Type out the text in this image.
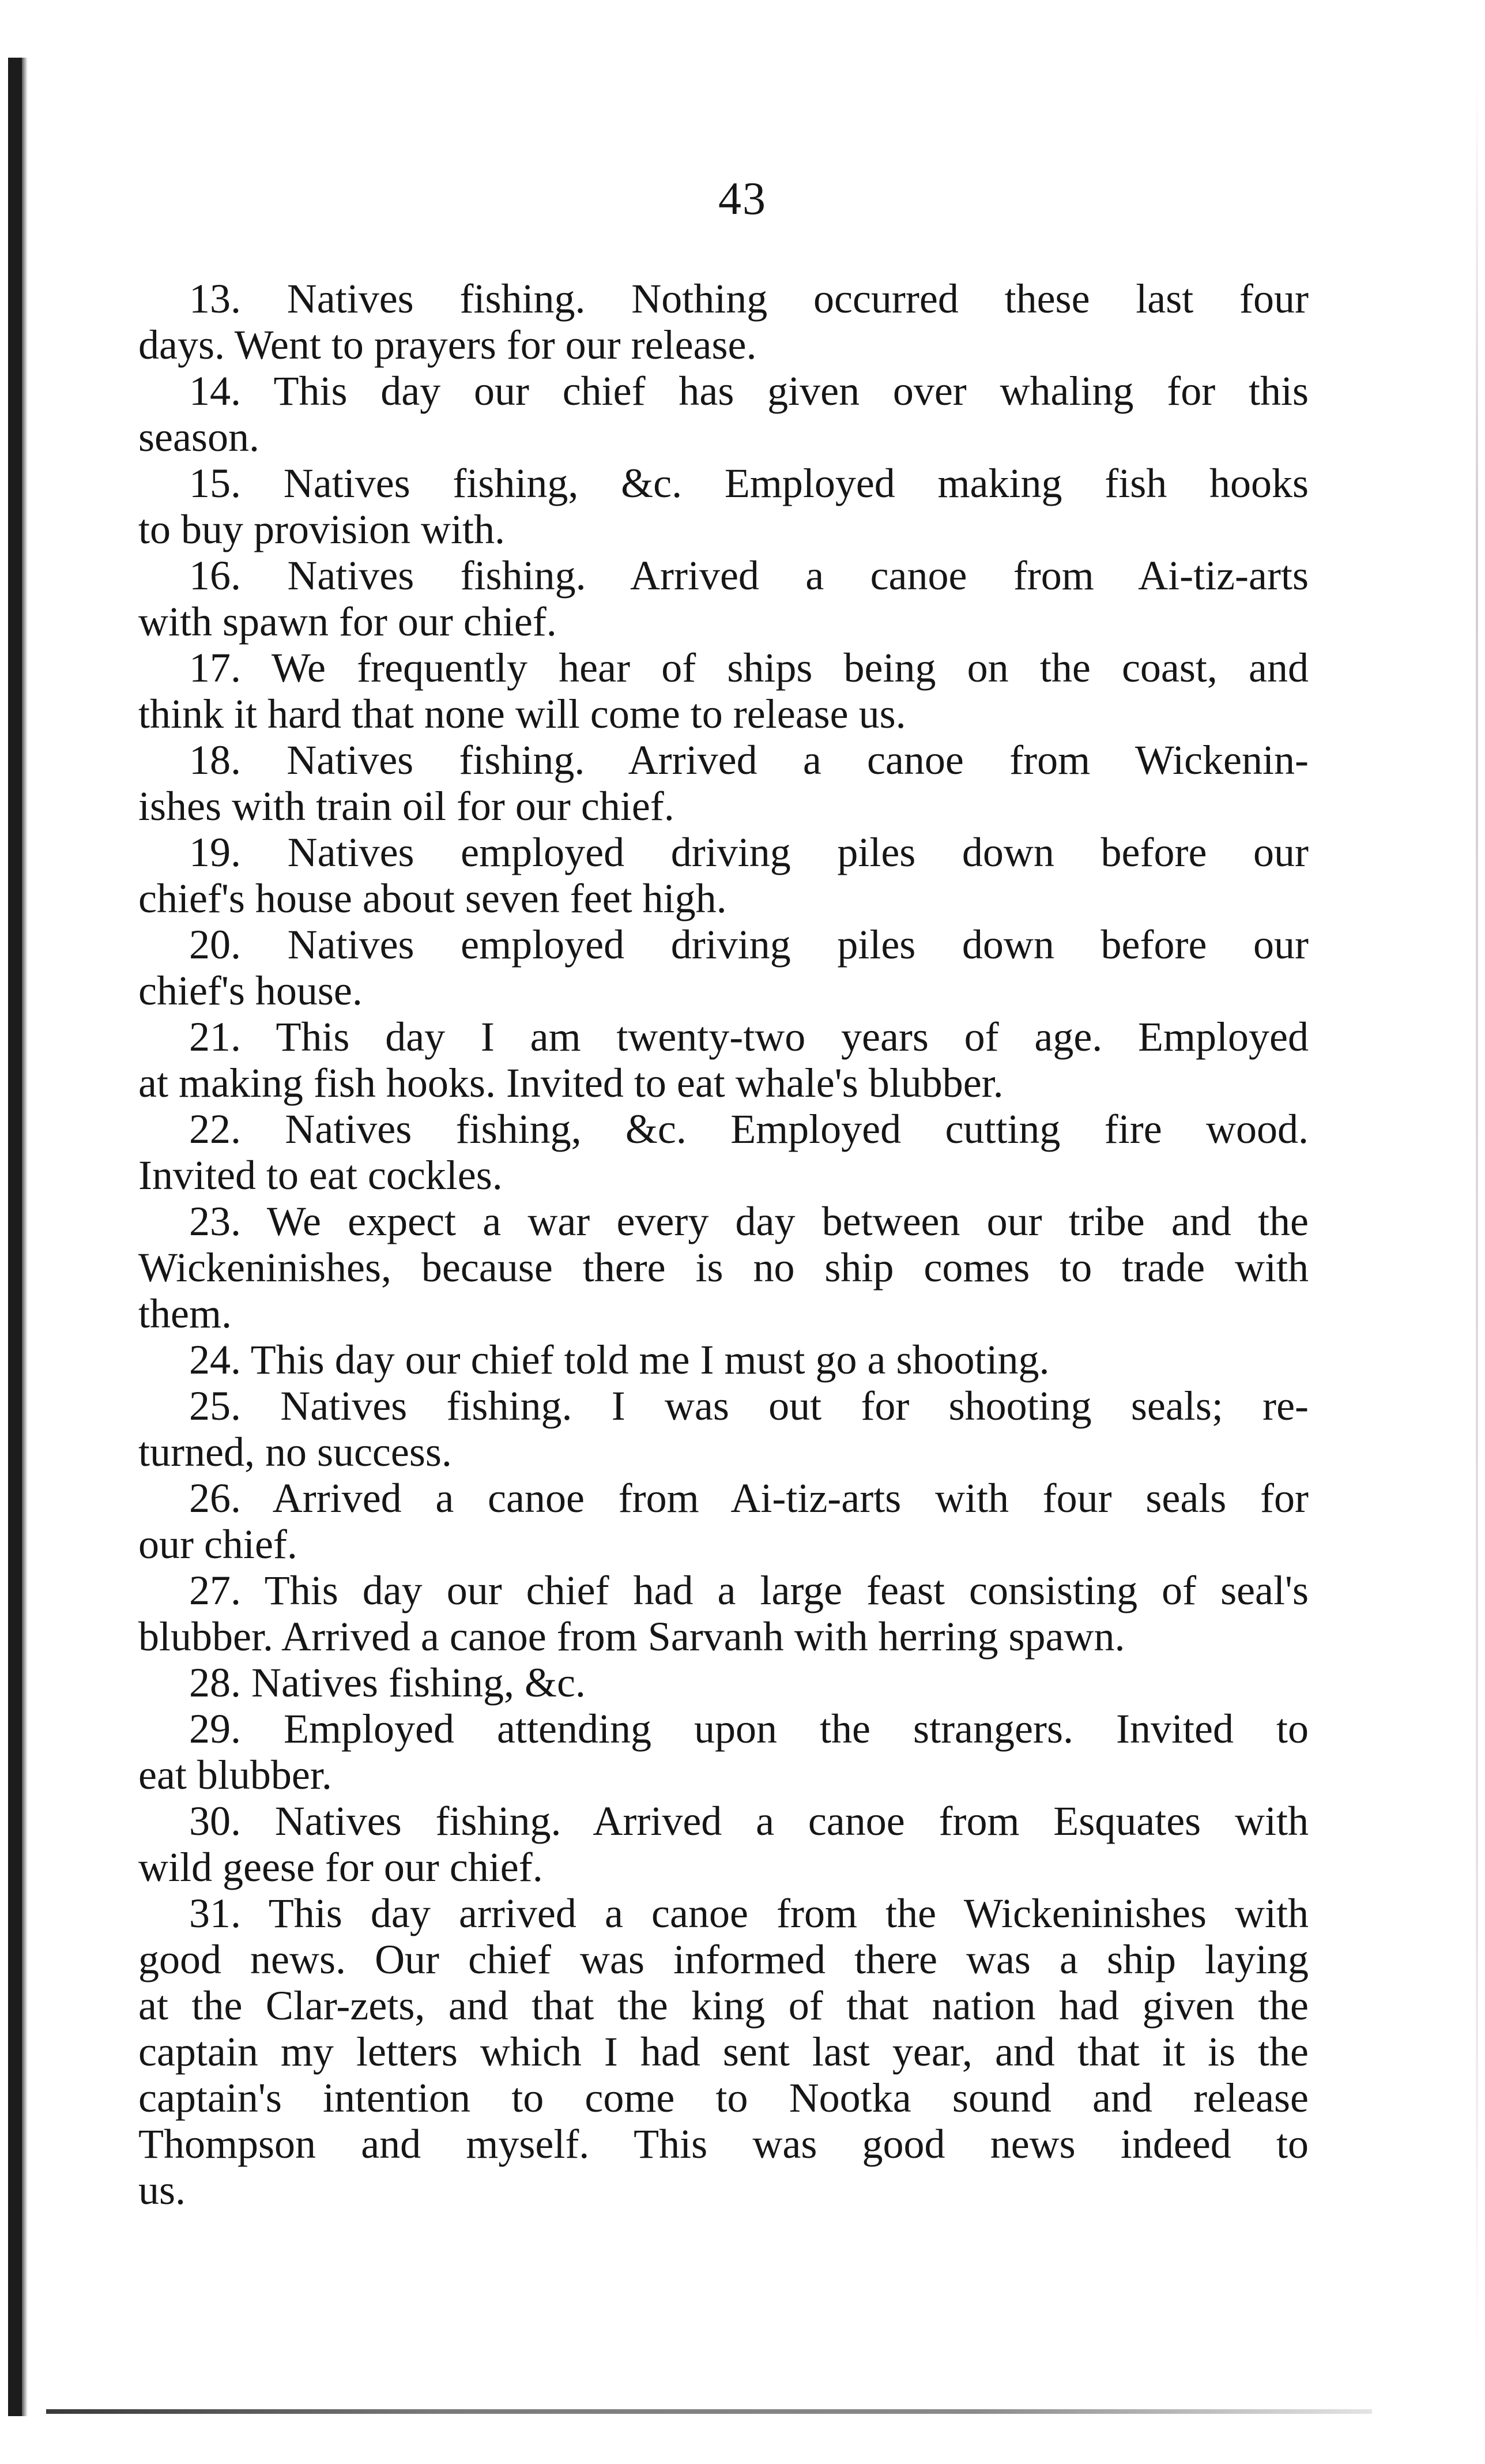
43
13. Natives fishing. Nothing occurred these last four
days. Went to prayers for our release.
14. This day our chief has given over whaling for this
season.
15. Natives fishing, &c. Employed making fish hooks
to buy provision with.
16. Natives fishing. Arrived a canoe from Ai-tiz-arts
with spawn for our chief.
17. We frequently hear of ships being on the coast, and
think it hard that none will come to release us.
18. Natives fishing. Arrived a canoe from Wickenin-
ishes with train oil for our chief.
19. Natives employed driving piles down before our
chief's house about seven feet high.
20. Natives employed driving piles down before our
chief's house.
21. This day I am twenty-two years of age. Employed
at making fish hooks. Invited to eat whale's blubber.
22. Natives fishing, &c. Employed cutting fire wood.
Invited to eat cockles.
23. We expect a war every day between our tribe and the
Wickeninishes, because there is no ship comes to trade with
them.
24. This day our chief told me I must go a shooting.
25. Natives fishing. I was out for shooting seals; re-
turned, no success.
26. Arrived a canoe from Ai-tiz-arts with four seals for
our chief.
27. This day our chief had a large feast consisting of seal's
blubber. Arrived a canoe from Sarvanh with herring spawn.
28. Natives fishing, &c.
29. Employed attending upon the strangers. Invited to
eat blubber.
30. Natives fishing. Arrived a canoe from Esquates with
wild geese for our chief.
31. This day arrived a canoe from the Wickeninishes with
good news. Our chief was informed there was a ship laying
at the Clar-zets, and that the king of that nation had given the
captain my letters which I had sent last year, and that it is the
captain's intention to come to Nootka sound and release
Thompson and myself. This was good news indeed to
us.
